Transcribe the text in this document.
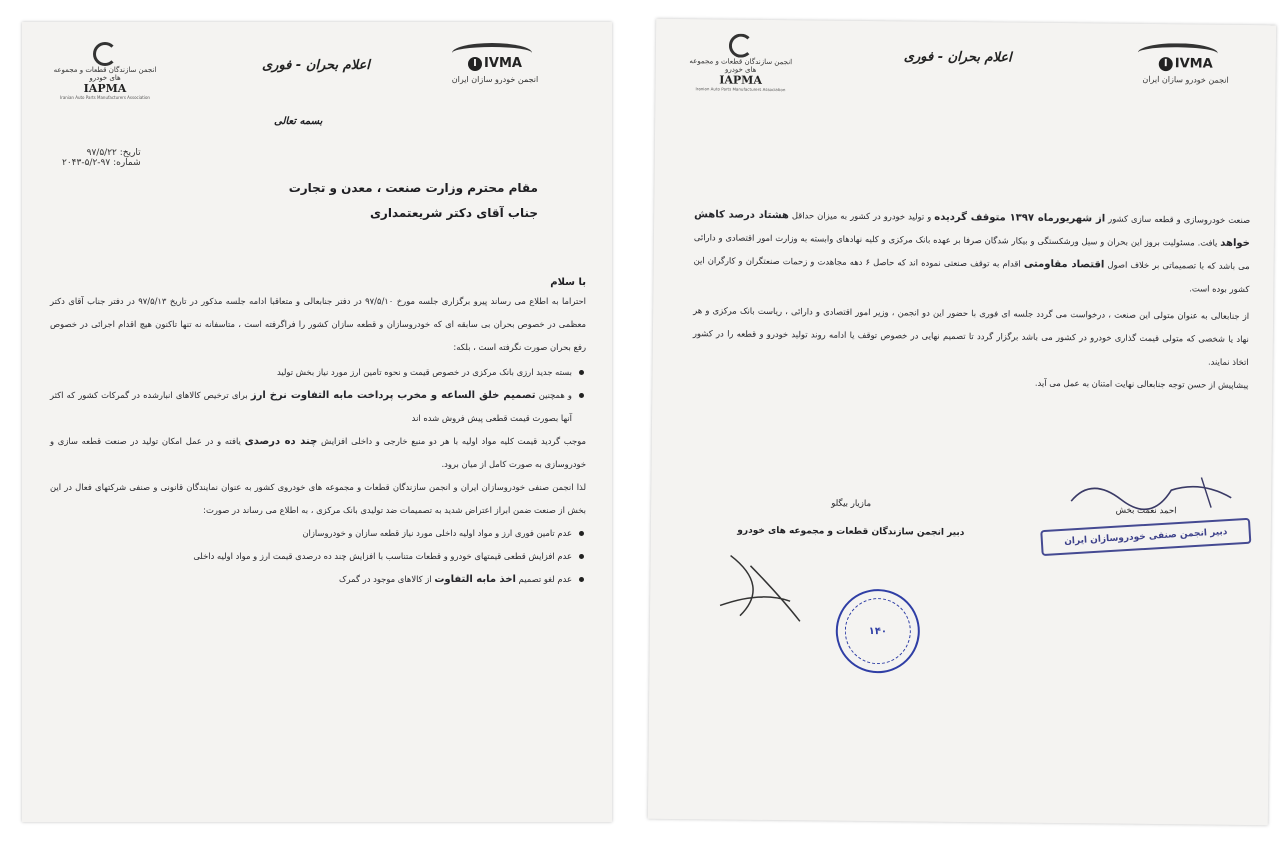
I IVMA
انجمن خودرو سازان ایران
اعلام بحران - فوری
انجمن سازندگان قطعات و مجموعه های خودرو
IAPMA
Iranian Auto Parts Manufacturers Association
بسمه تعالی
تاریخ: ۹۷/۵/۲۲
شماره: ۹۷-۵/۲-۲۰۴۳
مقام محترم وزارت صنعت ، معدن و تجارت
جناب آقای دکتر شریعتمداری
با سلام
احتراما به اطلاع می رساند پیرو برگزاری جلسه مورخ ۹۷/۵/۱۰ در دفتر جنابعالی و متعاقبا ادامه جلسه مذکور در تاریخ ۹۷/۵/۱۳ در دفتر جناب آقای دکتر معظمی در خصوص بحران بی سابقه ای که خودروسازان و قطعه سازان کشور را فراگرفته است ، متاسفانه نه تنها تاکنون هیچ اقدام اجرائی در خصوص رفع بحران صورت نگرفته است ، بلکه:
بسته جدید ارزی بانک مرکزی در خصوص قیمت و نحوه تامین ارز مورد نیاز بخش تولید
و همچنین تصمیم خلق الساعه و مخرب پرداخت مابه التفاوت نرخ ارز برای ترخیص کالاهای انبارشده در گمرکات کشور که اکثر آنها بصورت قیمت قطعی پیش فروش شده اند
موجب گردید قیمت کلیه مواد اولیه با هر دو منبع خارجی و داخلی افزایش چند ده درصدی یافته و در عمل امکان تولید در صنعت قطعه سازی و خودروسازی به صورت کامل از میان برود.
لذا انجمن صنفی خودروسازان ایران و انجمن سازندگان قطعات و مجموعه های خودروی کشور به عنوان نمایندگان قانونی و صنفی شرکتهای فعال در این بخش از صنعت ضمن ابراز اعتراض شدید به تصمیمات ضد تولیدی بانک مرکزی ، به اطلاع می رساند در صورت:
عدم تامین فوری ارز و مواد اولیه داخلی مورد نیاز قطعه سازان و خودروسازان
عدم افزایش قطعی قیمتهای خودرو و قطعات متناسب با افزایش چند ده درصدی قیمت ارز و مواد اولیه داخلی
عدم لغو تصمیم اخذ مابه التفاوت از کالاهای موجود در گمرک
I IVMA
انجمن خودرو سازان ایران
اعلام بحران - فوری
انجمن سازندگان قطعات و مجموعه های خودرو
IAPMA
Iranian Auto Parts Manufacturers Association
صنعت خودروسازی و قطعه سازی کشور از شهریورماه ۱۳۹۷ متوقف گردیده و تولید خودرو در کشور به میزان حداقل هشتاد درصد کاهش خواهد یافت. مسئولیت بروز این بحران و سیل ورشکستگی و بیکار شدگان صرفا بر عهده بانک مرکزی و کلیه نهادهای وابسته به وزارت امور اقتصادی و دارائی می باشد که با تصمیماتی بر خلاف اصول اقتصاد مقاومتی اقدام به توقف صنعتی نموده اند که حاصل ۶ دهه مجاهدت و زحمات صنعتگران و کارگران این کشور بوده است.
از جنابعالی به عنوان متولی این صنعت ، درخواست می گردد جلسه ای فوری با حضور این دو انجمن ، وزیر امور اقتصادی و دارائی ، ریاست بانک مرکزی و هر نهاد یا شخصی که متولی قیمت گذاری خودرو در کشور می باشد برگزار گردد تا تصمیم نهایی در خصوص توقف یا ادامه روند تولید خودرو و قطعه را در کشور اتخاذ نمایند.
پیشاپیش از حسن توجه جنابعالی نهایت امتنان به عمل می آید.
احمد نعمت بخش
دبیر انجمن صنفی خودروسازان ایران
مازیار بیگلو
دبیر انجمن سازندگان قطعات و مجموعه های خودرو
۱۴۰
